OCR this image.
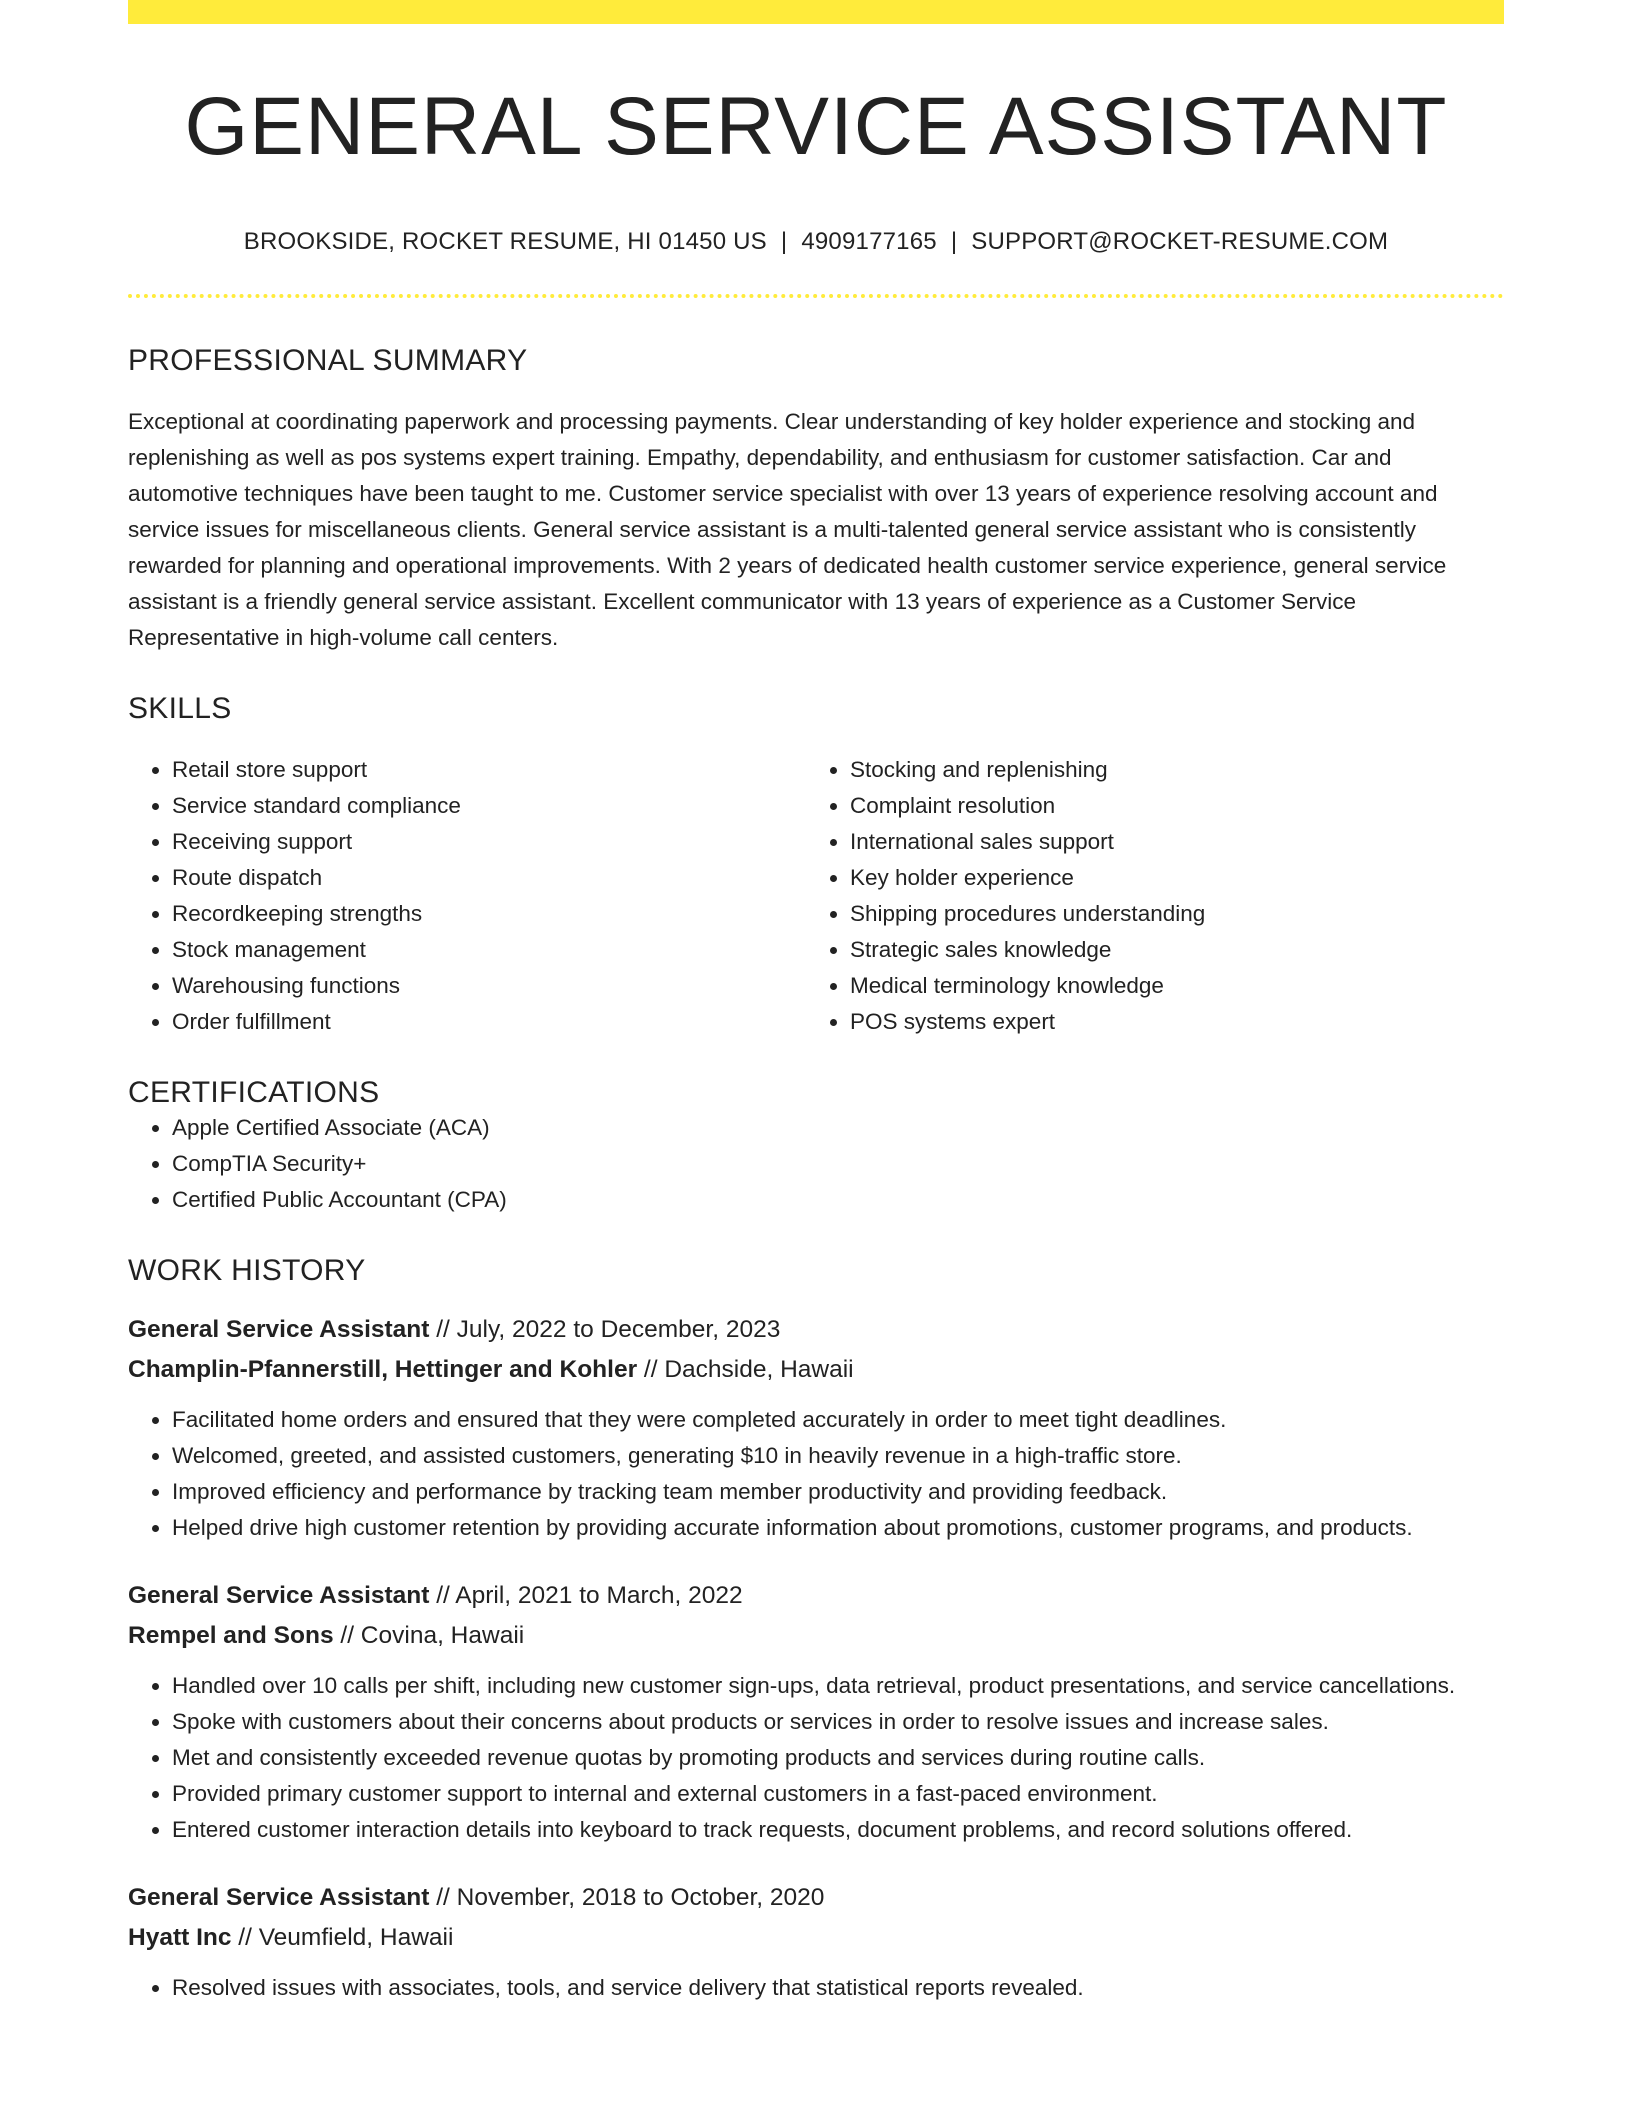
GENERAL SERVICE ASSISTANT
BROOKSIDE, ROCKET RESUME, HI 01450 US | 4909177165 | SUPPORT@ROCKET-RESUME.COM
PROFESSIONAL SUMMARY

Exceptional at coordinating paperwork and processing payments. Clear understanding of key holder experience and stocking and replenishing as well as pos systems expert training. Empathy, dependability, and enthusiasm for customer satisfaction. Car and automotive techniques have been taught to me. Customer service specialist with over 13 years of experience resolving account and service issues for miscellaneous clients. General service assistant is a multi-talented general service assistant who is consistently rewarded for planning and operational improvements. With 2 years of dedicated health customer service experience, general service assistant is a friendly general service assistant. Excellent communicator with 13 years of experience as a Customer Service Representative in high-volume call centers.

SKILLS
• Retail store support
• Service standard compliance
• Receiving support
• Route dispatch
• Recordkeeping strengths
• Stock management
• Warehousing functions
• Order fulfillment
• Stocking and replenishing
• Complaint resolution
• International sales support
• Key holder experience
• Shipping procedures understanding
• Strategic sales knowledge
• Medical terminology knowledge
• POS systems expert
CERTIFICATIONS
• Apple Certified Associate (ACA)
• CompTIA Security+
• Certified Public Accountant (CPA)
WORK HISTORY
General Service Assistant // July, 2022 to December, 2023
Champlin-Pfannerstill, Hettinger and Kohler // Dachside, Hawaii
• Facilitated home orders and ensured that they were completed accurately in order to meet tight deadlines.
• Welcomed, greeted, and assisted customers, generating $10 in heavily revenue in a high-traffic store.
• Improved efficiency and performance by tracking team member productivity and providing feedback.
• Helped drive high customer retention by providing accurate information about promotions, customer programs, and products.
General Service Assistant // April, 2021 to March, 2022
Rempel and Sons // Covina, Hawaii
• Handled over 10 calls per shift, including new customer sign-ups, data retrieval, product presentations, and service cancellations.
• Spoke with customers about their concerns about products or services in order to resolve issues and increase sales.
• Met and consistently exceeded revenue quotas by promoting products and services during routine calls.
• Provided primary customer support to internal and external customers in a fast-paced environment.
• Entered customer interaction details into keyboard to track requests, document problems, and record solutions offered.
General Service Assistant // November, 2018 to October, 2020
Hyatt Inc // Veumfield, Hawaii
• Resolved issues with associates, tools, and service delivery that statistical reports revealed.
